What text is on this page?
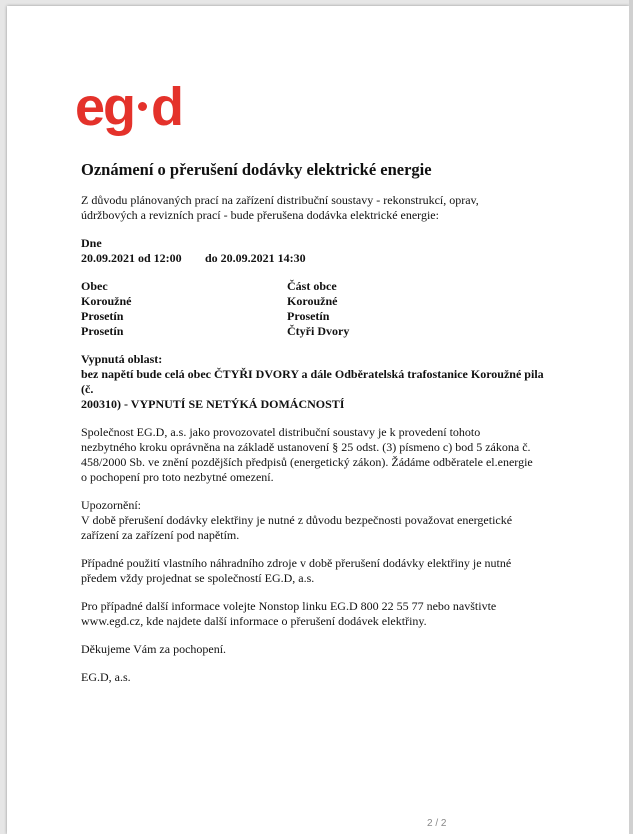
eg d
Oznámení o přerušení dodávky elektrické energie
Z důvodu plánovaných prací na zařízení distribuční soustavy - rekonstrukcí, oprav,
údržbových a revizních prací - bude přerušena dodávka elektrické energie:
Dne
20.09.2021 od 12:00	do 20.09.2021 14:30
Obec	Část obce
Koroužné	Koroužné
Prosetín	Prosetín
Prosetín	Čtyři Dvory
Vypnutá oblast:
bez napětí bude celá obec ČTYŘI DVORY a dále Odběratelská trafostanice Koroužné pila (č.
200310) - VYPNUTÍ SE NETÝKÁ DOMÁCNOSTÍ
Společnost EG.D, a.s. jako provozovatel distribuční soustavy je k provedení tohoto
nezbytného kroku oprávněna na základě ustanovení § 25 odst. (3) písmeno c) bod 5 zákona č.
458/2000 Sb. ve znění pozdějších předpisů (energetický zákon). Žádáme odběratele el.energie
o pochopení pro toto nezbytné omezení.
Upozornění:
V době přerušení dodávky elektřiny je nutné z důvodu bezpečnosti považovat energetické
zařízení za zařízení pod napětím.
Případné použití vlastního náhradního zdroje v době přerušení dodávky elektřiny je nutné
předem vždy projednat se společností EG.D, a.s.
Pro případné další informace volejte Nonstop linku EG.D 800 22 55 77 nebo navštivte
www.egd.cz, kde najdete další informace o přerušení dodávek elektřiny.
Děkujeme Vám za pochopení.
EG.D, a.s.
2 / 2
